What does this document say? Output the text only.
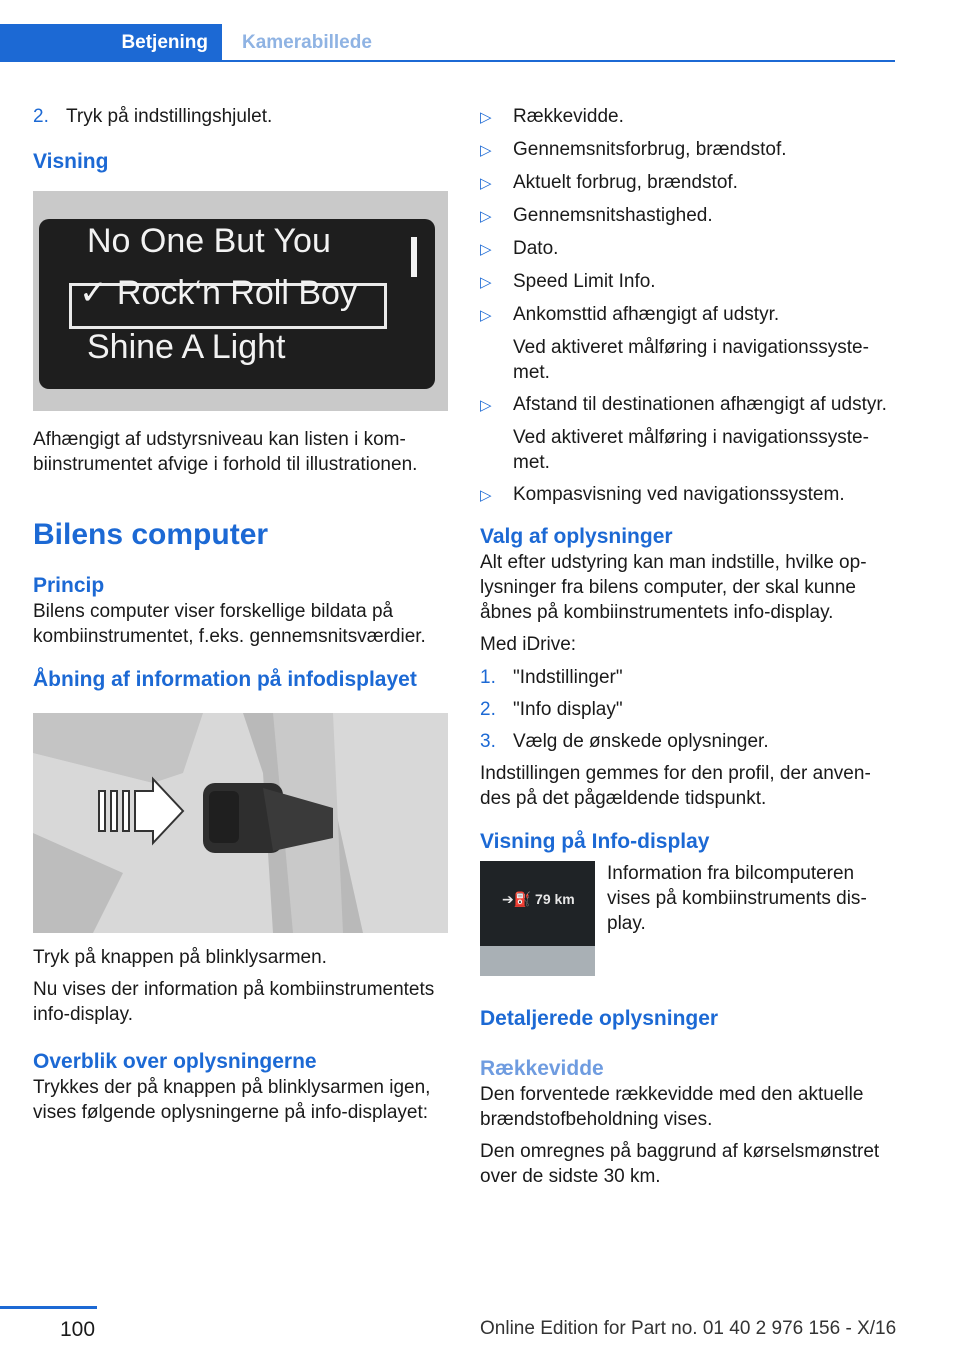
Betjening	Kamerabillede
2. Tryk på indstillingshjulet.
Visning
No One But You
✓ Rock‘n Roll Boy
Shine A Light

Afhængigt af udstyrsniveau kan listen i kombiinstrumentet afvige i forhold til illustrationen.

Bilens computer
Princip

Bilens computer viser forskellige bildata på kombiinstrumentet, f.eks. gennemsnitsværdier.

Åbning af information på infodisplayet

Tryk på knappen på blinklysarmen.

Nu vises der information på kombiinstrumentets info-display.

Overblik over oplysningerne

Trykkes der på knappen på blinklysarmen igen, vises følgende oplysningerne på info-displayet:

▷	Rækkevidde.
▷	Gennemsnitsforbrug, brændstof.
▷	Aktuelt forbrug, brændstof.
▷	Gennemsnitshastighed.
▷	Dato.
▷	Speed Limit Info.
▷	Ankomsttid afhængigt af udstyr.
Ved aktiveret målføring i navigationssystemet.
▷	Afstand til destinationen afhængigt af udstyr.
Ved aktiveret målføring i navigationssystemet.
▷	Kompasvisning ved navigationssystem.
Valg af oplysninger

Alt efter udstyring kan man indstille, hvilke oplysninger fra bilens computer, der skal kunne åbnes på kombiinstrumentets info-display.

Med iDrive:

1. "Indstillinger"
2. "Info display"
3. Vælg de ønskede oplysninger.

Indstillingen gemmes for den profil, der anvendes på det pågældende tidspunkt.

Visning på Info-display
➔⛽ 79 km

Information fra bilcomputeren vises på kombiinstruments display.

Detaljerede oplysninger
Rækkevidde

Den forventede rækkevidde med den aktuelle brændstofbeholdning vises.

Den omregnes på baggrund af kørselsmønstret over de sidste 30 km.

100	Online Edition for Part no. 01 40 2 976 156 - X/16
